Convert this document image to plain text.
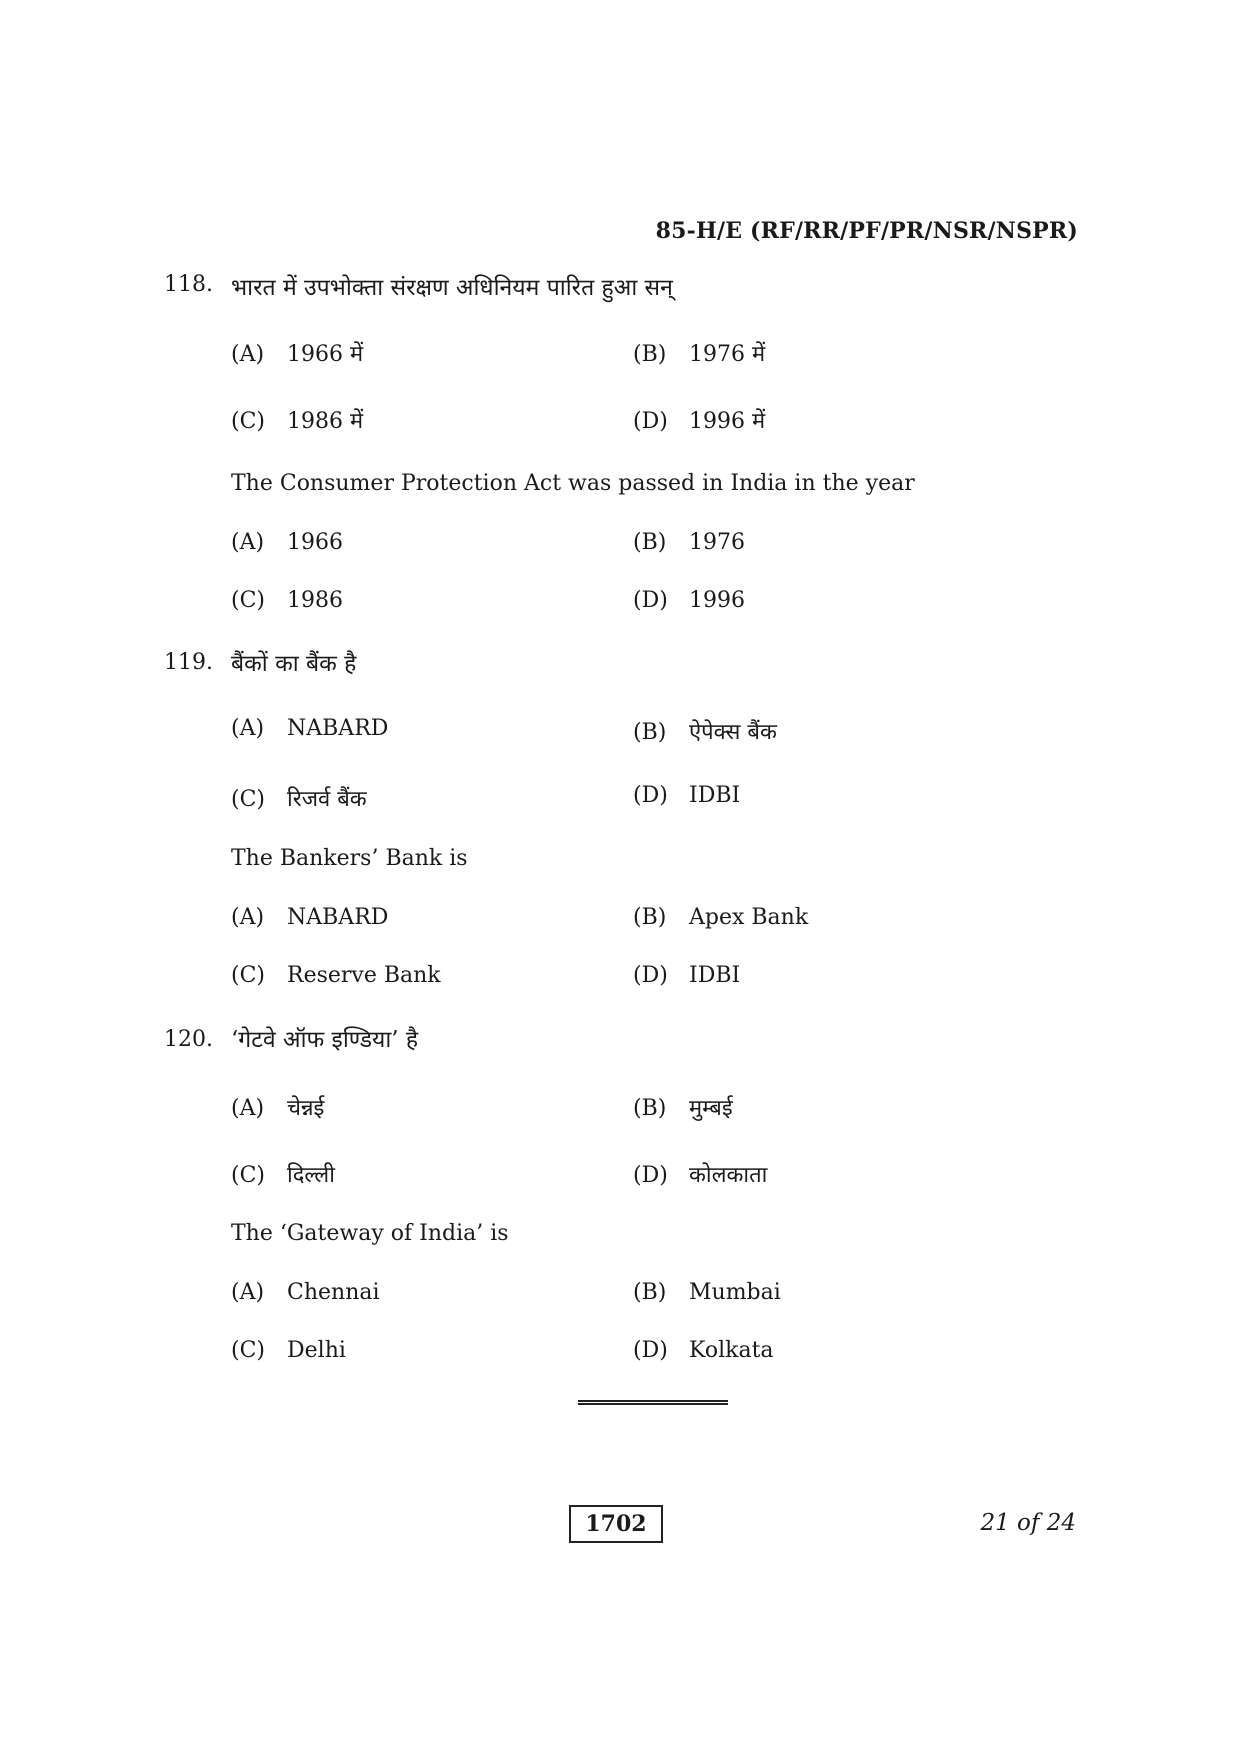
85-H/E (RF/RR/PF/PR/NSR/NSPR)
118. भारत में उपभोक्ता संरक्षण अधिनियम पारित हुआ सन्
(A) 1966 में	(B) 1976 में
(C) 1986 में	(D) 1996 में
The Consumer Protection Act was passed in India in the year
(A) 1966	(B) 1976
(C) 1986	(D) 1996
119. बैंकों का बैंक है
(A) NABARD	(B) ऐपेक्स बैंक
(C) रिजर्व बैंक	(D) IDBI
The Bankers’ Bank is
(A) NABARD	(B) Apex Bank
(C) Reserve Bank	(D) IDBI
120. ‘गेटवे ऑफ इण्डिया’ है
(A) चेन्नई	(B) मुम्बई
(C) दिल्ली	(D) कोलकाता
The ‘Gateway of India’ is
(A) Chennai	(B) Mumbai
(C) Delhi	(D) Kolkata
1702	21 of 24
